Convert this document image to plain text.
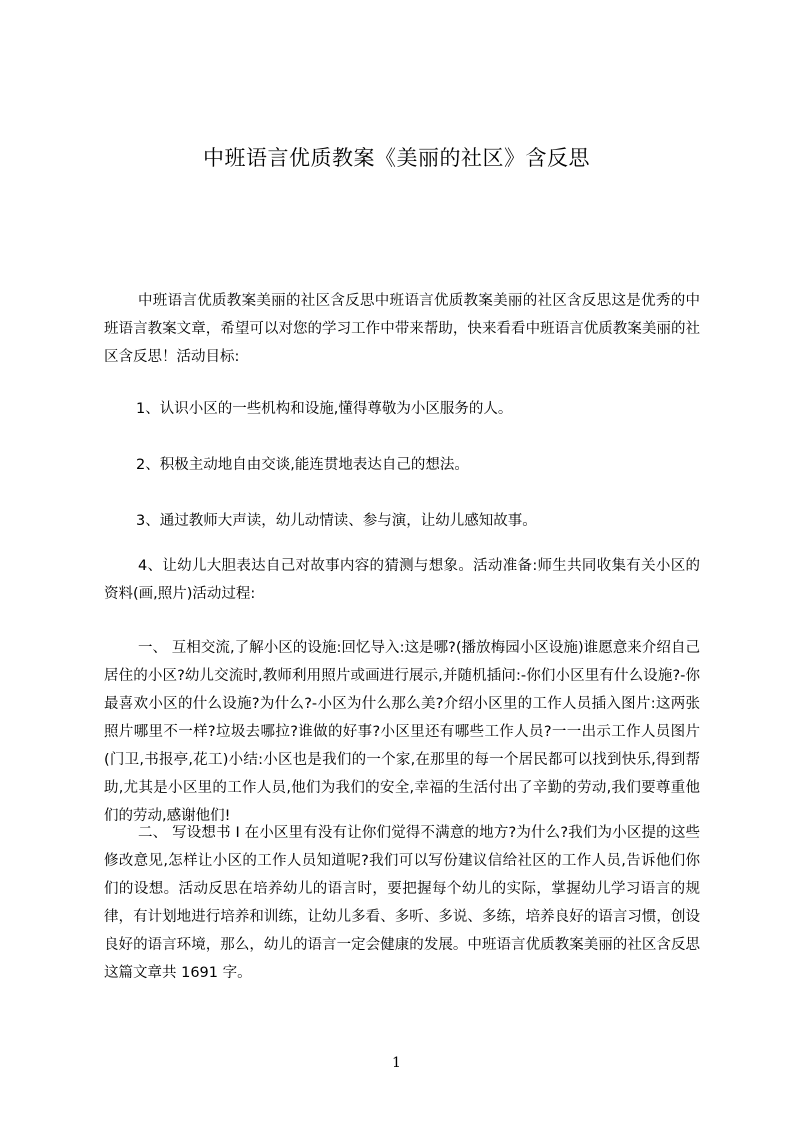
中班语言优质教案《美丽的社区》含反思

中班语言优质教案美丽的社区含反思中班语言优质教案美丽的社区含反思这是优秀的中班语言教案文章，希望可以对您的学习工作中带来帮助，快来看看中班语言优质教案美丽的社区含反思！活动目标:

1、认识小区的一些机构和设施,懂得尊敬为小区服务的人。

2、积极主动地自由交谈,能连贯地表达自己的想法。

3、通过教师大声读，幼儿动情读、参与演，让幼儿感知故事。

4、让幼儿大胆表达自己对故事内容的猜测与想象。活动准备:师生共同收集有关小区的资料(画,照片)活动过程:

一、 互相交流,了解小区的设施:回忆导入:这是哪?(播放梅园小区设施)谁愿意来介绍自己居住的小区?幼儿交流时,教师利用照片或画进行展示,并随机插问:-你们小区里有什么设施?-你最喜欢小区的什么设施?为什么?-小区为什么那么美?介绍小区里的工作人员插入图片:这两张照片哪里不一样?垃圾去哪拉?谁做的好事?小区里还有哪些工作人员?一一出示工作人员图片(门卫,书报亭,花工)小结:小区也是我们的一个家,在那里的每一个居民都可以找到快乐,得到帮助,尤其是小区里的工作人员,他们为我们的安全,幸福的生活付出了辛勤的劳动,我们要尊重他们的劳动,感谢他们!

二、 写设想书 I 在小区里有没有让你们觉得不满意的地方?为什么?我们为小区提的这些修改意见,怎样让小区的工作人员知道呢?我们可以写份建议信给社区的工作人员,告诉他们你们的设想。活动反思在培养幼儿的语言时，要把握每个幼儿的实际，掌握幼儿学习语言的规律，有计划地进行培养和训练，让幼儿多看、多听、多说、多练，培养良好的语言习惯，创设良好的语言环境，那么，幼儿的语言一定会健康的发展。中班语言优质教案美丽的社区含反思这篇文章共 1691 字。

1
